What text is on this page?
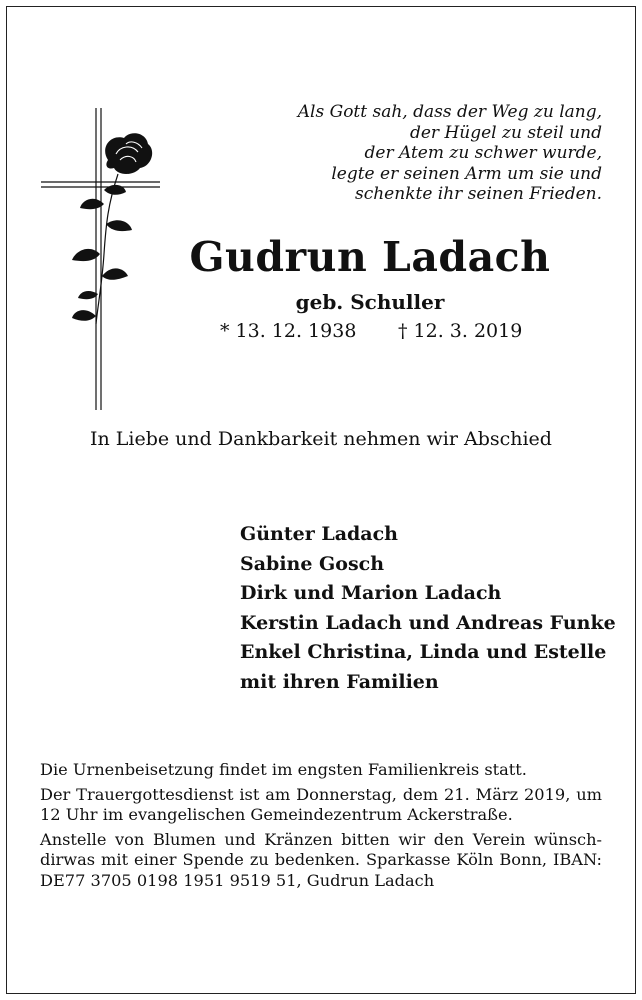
Als Gott sah, dass der Weg zu lang,
der Hügel zu steil und
der Atem zu schwer wurde,
legte er seinen Arm um sie und
schenkte ihr seinen Frieden.
Gudrun Ladach
geb. Schuller
* 13. 12. 1938 † 12. 3. 2019
In Liebe und Dankbarkeit nehmen wir Abschied
Günter Ladach
Sabine Gosch
Dirk und Marion Ladach
Kerstin Ladach und Andreas Funke
Enkel Christina, Linda und Estelle
mit ihren Familien

Die Urnenbeisetzung findet im engsten Familienkreis statt.

Der Trauergottesdienst ist am Donnerstag, dem 21. März 2019, um 12 Uhr im evangelischen Gemeindezentrum Ackerstraße.

Anstelle von Blumen und Kränzen bitten wir den Verein wünsch-dirwas mit einer Spende zu bedenken. Sparkasse Köln Bonn, IBAN: DE77 3705 0198 1951 9519 51, Gudrun Ladach
